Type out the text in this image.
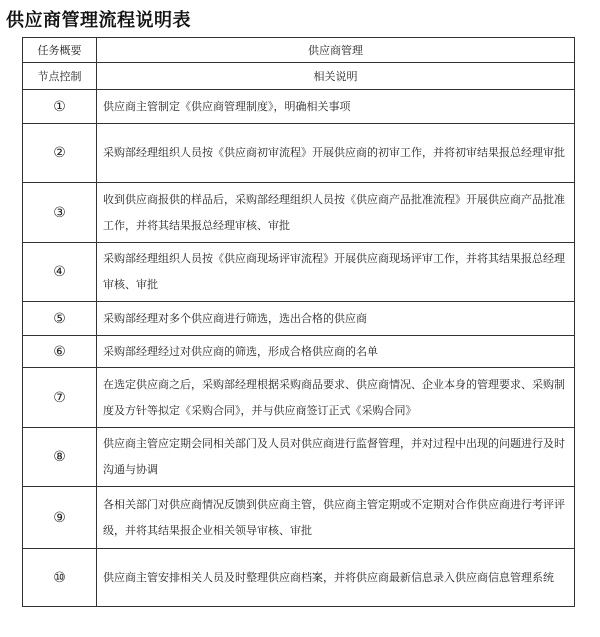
供应商管理流程说明表
任务概要	供应商管理
节点控制	相关说明
①	供应商主管制定《供应商管理制度》，明确相关事项
②	采购部经理组织人员按《供应商初审流程》开展供应商的初审工作，并将初审结果报总经理审批
③	收到供应商报供的样品后，采购部经理组织人员按《供应商产品批准流程》开展供应商产品批准工作，并将其结果报总经理审核、审批
④	采购部经理组织人员按《供应商现场评审流程》开展供应商现场评审工作，并将其结果报总经理审核、审批
⑤	采购部经理对多个供应商进行筛选，选出合格的供应商
⑥	采购部经理经过对供应商的筛选，形成合格供应商的名单
⑦	在选定供应商之后，采购部经理根据采购商品要求、供应商情况、企业本身的管理要求、采购制度及方针等拟定《采购合同》，并与供应商签订正式《采购合同》
⑧	供应商主管应定期会同相关部门及人员对供应商进行监督管理，并对过程中出现的问题进行及时沟通与协调
⑨	各相关部门对供应商情况反馈到供应商主管，供应商主管定期或不定期对合作供应商进行考评评级，并将其结果报企业相关领导审核、审批
⑩	供应商主管安排相关人员及时整理供应商档案，并将供应商最新信息录入供应商信息管理系统
